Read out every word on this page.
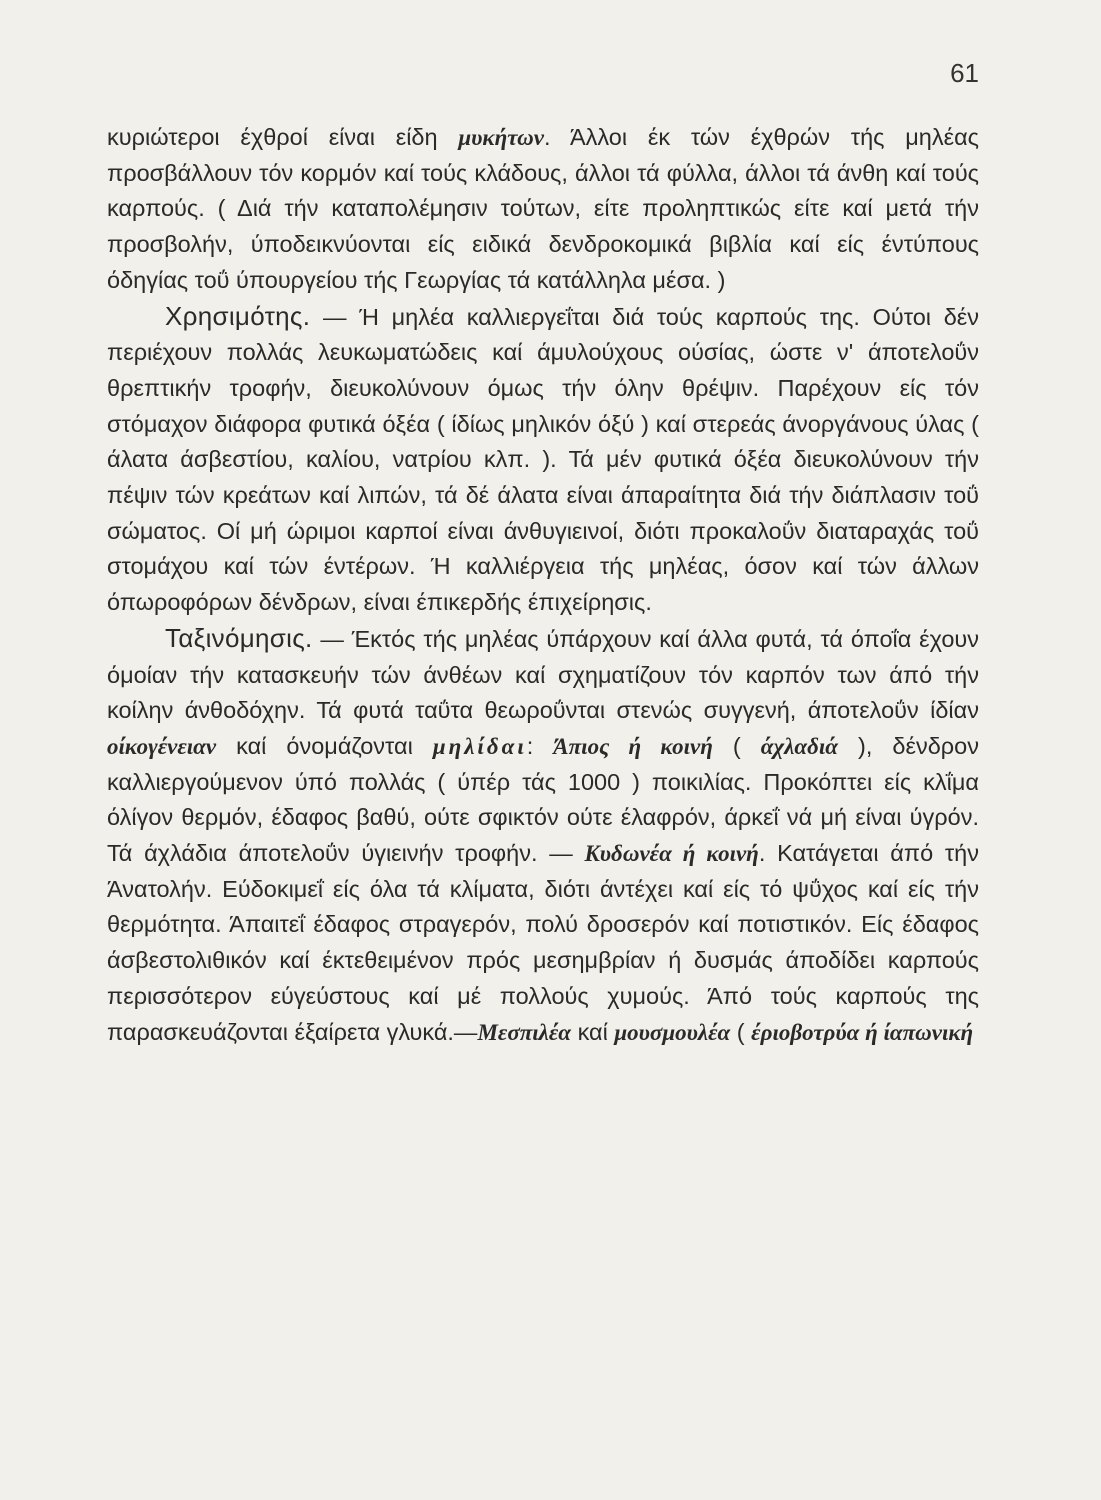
61

κυριώτεροι έχθροί είναι είδη μυκήτων. Άλλοι έκ τών έχθρών τής μηλέας προσβάλλουν τόν κορμόν καί τούς κλάδους, άλλοι τά φύλλα, άλλοι τά άνθη καί τούς καρπούς. ( Διά τήν καταπολέμησιν τούτων, είτε προληπτικώς είτε καί μετά τήν προσβολήν, ύποδεικνύονται είς ειδικά δενδροκομικά βιβλία καί είς έντύπους όδηγίας τοΰ ύπουργείου τής Γεωργίας τά κατάλληλα μέσα. )

Χρησιμότης. — Ή μηλέα καλλιεργεΐται διά τούς καρπούς της. Ούτοι δέν περιέχουν πολλάς λευκωματώδεις καί άμυλούχους ούσίας, ώστε ν' άποτελοΰν θρεπτικήν τροφήν, διευκολύνουν όμως τήν όλην θρέψιν. Παρέχουν είς τόν στόμαχον διάφορα φυτικά όξέα ( ίδίως μηλικόν όξύ ) καί στερεάς άνοργάνους ύλας ( άλατα άσβεστίου, καλίου, νατρίου κλπ. ). Τά μέν φυτικά όξέα διευκολύνουν τήν πέψιν τών κρεάτων καί λιπών, τά δέ άλατα είναι άπαραίτητα διά τήν διάπλασιν τοΰ σώματος. Οί μή ώριμοι καρποί είναι άνθυγιεινοί, διότι προκαλοΰν διαταραχάς τοΰ στομάχου καί τών έντέρων. Ή καλλιέργεια τής μηλέας, όσον καί τών άλλων όπωροφόρων δένδρων, είναι έπικερδής έπιχείρησις.

Ταξινόμησις. — Έκτός τής μηλέας ύπάρχουν καί άλλα φυτά, τά όποΐα έχουν όμοίαν τήν κατασκευήν τών άνθέων καί σχηματίζουν τόν καρπόν των άπό τήν κοίλην άνθοδόχην. Τά φυτά ταΰτα θεωροΰνται στενώς συγγενή, άποτελοΰν ίδίαν οίκογένειαν καί όνομάζονται μηλίδαι: Άπιος ή κοινή ( άχλαδιά ), δένδρον καλλιεργούμενον ύπό πολλάς ( ύπέρ τάς 1000 ) ποικιλίας. Προκόπτει είς κλΐμα όλίγον θερμόν, έδαφος βαθύ, ούτε σφικτόν ούτε έλαφρόν, άρκεΐ νά μή είναι ύγρόν. Τά άχλάδια άποτελοΰν ύγιεινήν τροφήν. — Κυδωνέα ή κοινή. Κατάγεται άπό τήν Άνατολήν. Εύδοκιμεΐ είς όλα τά κλίματα, διότι άντέχει καί είς τό ψΰχος καί είς τήν θερμότητα. Άπαιτεΐ έδαφος στραγερόν, πολύ δροσερόν καί ποτιστικόν. Είς έδαφος άσβεστολιθικόν καί έκτεθειμένον πρός μεσημβρίαν ή δυσμάς άποδίδει καρπούς περισσότερον εύγεύστους καί μέ πολλούς χυμούς. Άπό τούς καρπούς της παρασκευάζονται έξαίρετα γλυκά.—Μεσπιλέα καί μουσμουλέα ( έριοβοτρύα ή ίαπωνική
